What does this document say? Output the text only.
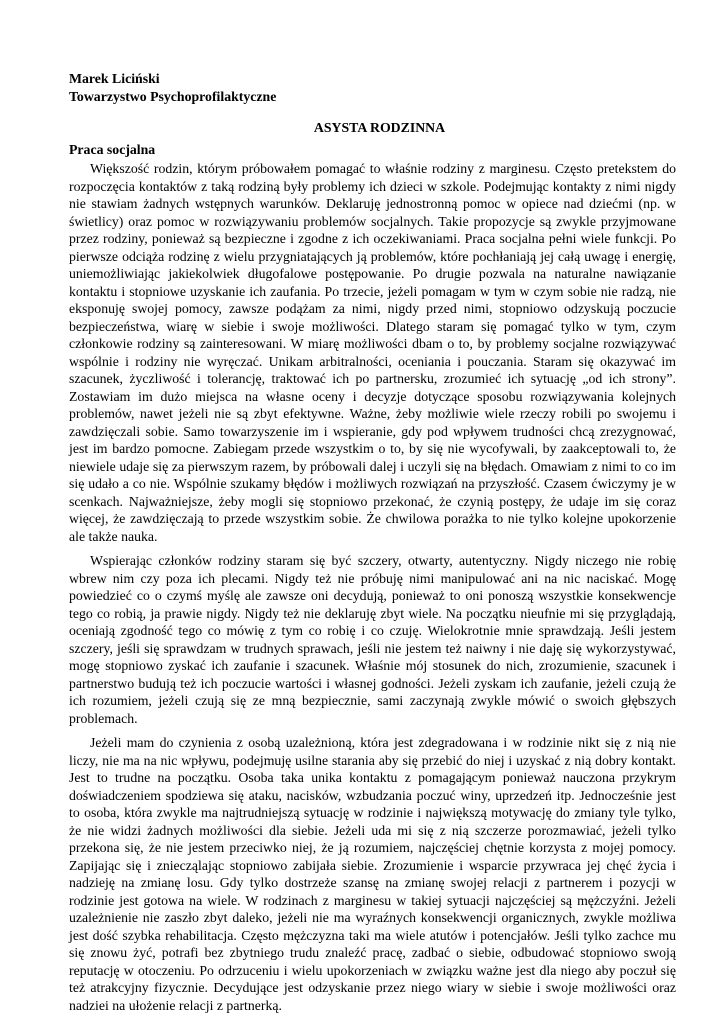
Marek Liciński
Towarzystwo Psychoprofilaktyczne
ASYSTA RODZINNA
Praca socjalna

Większość rodzin, którym próbowałem pomagać to właśnie rodziny z marginesu. Często pretekstem do rozpoczęcia kontaktów z taką rodziną były problemy ich dzieci w szkole. Podejmując kontakty z nimi nigdy nie stawiam żadnych wstępnych warunków. Deklaruję jednostronną pomoc w opiece nad dziećmi (np. w świetlicy) oraz pomoc w rozwiązywaniu problemów socjalnych. Takie propozycje są zwykle przyjmowane przez rodziny, ponieważ są bezpieczne i zgodne z ich oczekiwaniami. Praca socjalna pełni wiele funkcji. Po pierwsze odciąża rodzinę z wielu przygniatających ją problemów, które pochłaniają jej całą uwagę i energię, uniemożliwiając jakiekolwiek długofalowe postępowanie. Po drugie pozwala na naturalne nawiązanie kontaktu i stopniowe uzyskanie ich zaufania. Po trzecie, jeżeli pomagam w tym w czym sobie nie radzą, nie eksponuję swojej pomocy, zawsze podążam za nimi, nigdy przed nimi, stopniowo odzyskują poczucie bezpieczeństwa, wiarę w siebie i swoje możliwości. Dlatego staram się pomagać tylko w tym, czym członkowie rodziny są zainteresowani. W miarę możliwości dbam o to, by problemy socjalne rozwiązywać wspólnie i rodziny nie wyręczać. Unikam arbitralności, oceniania i pouczania. Staram się okazywać im szacunek, życzliwość i tolerancję, traktować ich po partnersku, zrozumieć ich sytuację „od ich strony”. Zostawiam im dużo miejsca na własne oceny i decyzje dotyczące sposobu rozwiązywania kolejnych problemów, nawet jeżeli nie są zbyt efektywne. Ważne, żeby możliwie wiele rzeczy robili po swojemu i zawdzięczali sobie. Samo towarzyszenie im i wspieranie, gdy pod wpływem trudności chcą zrezygnować, jest im bardzo pomocne. Zabiegam przede wszystkim o to, by się nie wycofywali, by zaakceptowali to, że niewiele udaje się za pierwszym razem, by próbowali dalej i uczyli się na błędach. Omawiam z nimi to co im się udało a co nie. Wspólnie szukamy błędów i możliwych rozwiązań na przyszłość. Czasem ćwiczymy je w scenkach. Najważniejsze, żeby mogli się stopniowo przekonać, że czynią postępy, że udaje im się coraz więcej, że zawdzięczają to przede wszystkim sobie. Że chwilowa porażka to nie tylko kolejne upokorzenie ale także nauka.

Wspierając członków rodziny staram się być szczery, otwarty, autentyczny. Nigdy niczego nie robię wbrew nim czy poza ich plecami. Nigdy też nie próbuję nimi manipulować ani na nic naciskać. Mogę powiedzieć co o czymś myślę ale zawsze oni decydują, ponieważ to oni ponoszą wszystkie konsekwencje tego co robią, ja prawie nigdy. Nigdy też nie deklaruję zbyt wiele. Na początku nieufnie mi się przyglądają, oceniają zgodność tego co mówię z tym co robię i co czuję. Wielokrotnie mnie sprawdzają. Jeśli jestem szczery, jeśli się sprawdzam w trudnych sprawach, jeśli nie jestem też naiwny i nie daję się wykorzystywać, mogę stopniowo zyskać ich zaufanie i szacunek. Właśnie mój stosunek do nich, zrozumienie, szacunek i partnerstwo budują też ich poczucie wartości i własnej godności. Jeżeli zyskam ich zaufanie, jeżeli czują że ich rozumiem, jeżeli czują się ze mną bezpiecznie, sami zaczynają zwykle mówić o swoich głębszych problemach.

Jeżeli mam do czynienia z osobą uzależnioną, która jest zdegradowana i w rodzinie nikt się z nią nie liczy, nie ma na nic wpływu, podejmuję usilne starania aby się przebić do niej i uzyskać z nią dobry kontakt. Jest to trudne na początku. Osoba taka unika kontaktu z pomagającym ponieważ nauczona przykrym doświadczeniem spodziewa się ataku, nacisków, wzbudzania poczuć winy, uprzedzeń itp. Jednocześnie jest to osoba, która zwykle ma najtrudniejszą sytuację w rodzinie i największą motywację do zmiany tyle tylko, że nie widzi żadnych możliwości dla siebie. Jeżeli uda mi się z nią szczerze porozmawiać, jeżeli tylko przekona się, że nie jestem przeciwko niej, że ją rozumiem, najczęściej chętnie korzysta z mojej pomocy. Zapijając się i zniecząlając stopniowo zabijała siebie. Zrozumienie i wsparcie przywraca jej chęć życia i nadzieję na zmianę losu. Gdy tylko dostrzeże szansę na zmianę swojej relacji z partnerem i pozycji w rodzinie jest gotowa na wiele. W rodzinach z marginesu w takiej sytuacji najczęściej są mężczyźni. Jeżeli uzależnienie nie zaszło zbyt daleko, jeżeli nie ma wyraźnych konsekwencji organicznych, zwykle możliwa jest dość szybka rehabilitacja. Często mężczyzna taki ma wiele atutów i potencjałów. Jeśli tylko zachce mu się znowu żyć, potrafi bez zbytniego trudu znaleźć pracę, zadbać o siebie, odbudować stopniowo swoją reputację w otoczeniu. Po odrzuceniu i wielu upokorzeniach w związku ważne jest dla niego aby poczuł się też atrakcyjny fizycznie. Decydujące jest odzyskanie przez niego wiary w siebie i swoje możliwości oraz nadziei na ułożenie relacji z partnerką.
